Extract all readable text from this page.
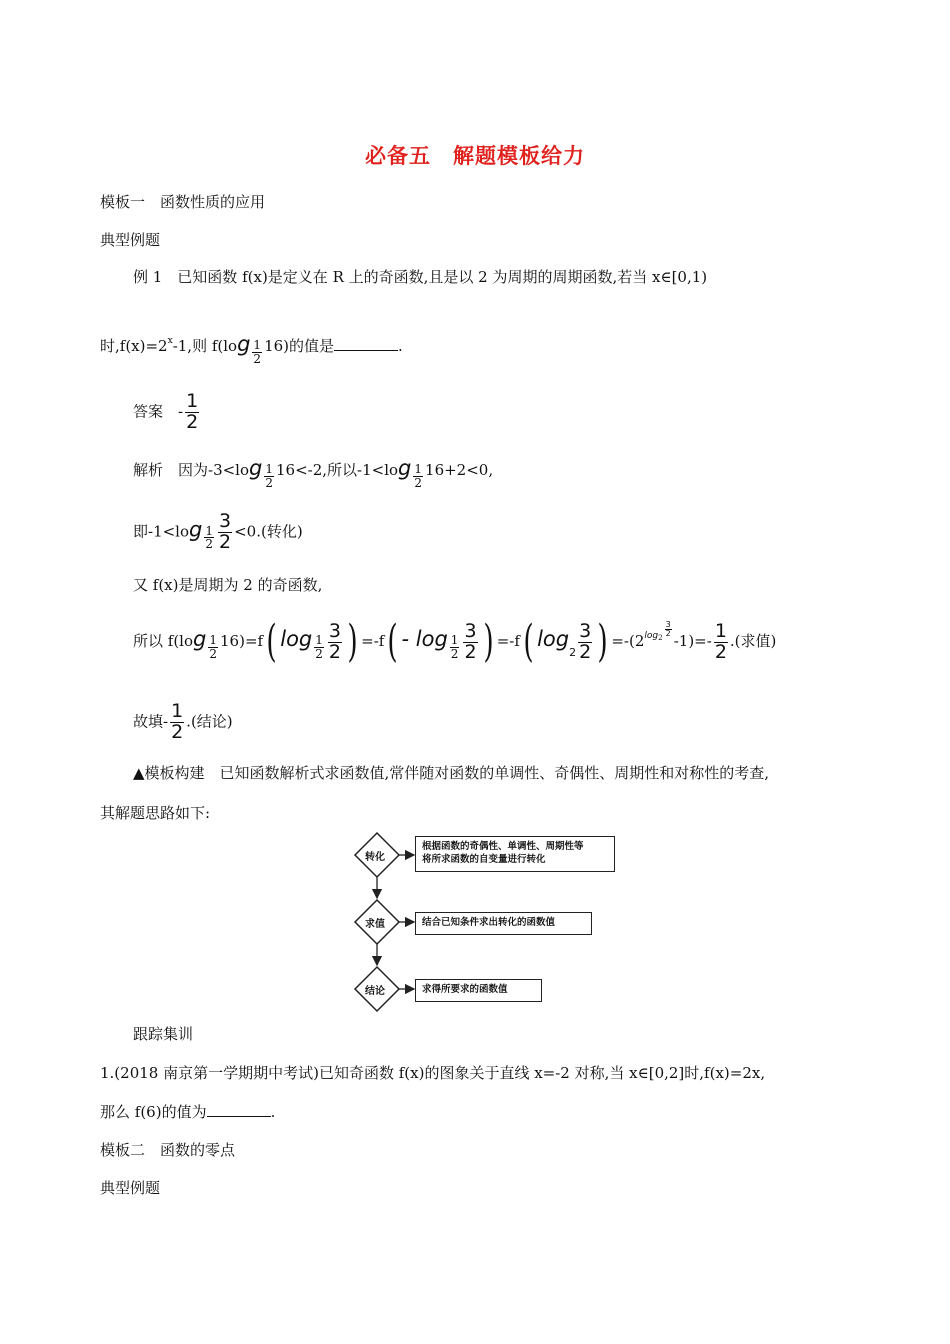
必备五　解题模板给力
模板一　函数性质的应用
典型例题
例 1　已知函数 f(x)是定义在 R 上的奇函数,且是以 2 为周期的周期函数,若当 x∈[0,1)
时$,f(x)=2^x-1$,则 $f(\log \frac{1}{2} 16)$的值是	.
答案　- $\frac{1}{2}$
解析　因为$-3<\log \frac{1}{2} 16<-2$,所以$-1<\log \frac{1}{2} 16+2<0$,
即$-1<\log \frac{1}{2} \frac{3}{2} <0$.(转化)
又 f(x)是周期为 2 的奇函数,
所以 $f(\log \frac{1}{2} 16)=f$( $\log \frac{1}{2} \frac{3}{2}$ ) $=-f( - \log \frac{1}{2} \frac{3}{2}$ ) =-f( $\log_2 \frac{3}{2}$ ) $=-(2^{log2} \frac{3}{2}$
$-1)=- \frac{1}{2}$ .(求值)
故填- $\frac{1}{2}$ .(结论)
▲模板构建　已知函数解析式求函数值,常伴随对函数的单调性、奇偶性、周期性和对称性的考查,
其解题思路如下:
转化
求值
结论
根据函数的奇偶性、单调性、周期性等
将所求函数的自变量进行转化
结合已知条件求出转化的函数值
求得所要求的函数值
跟踪集训
1.(2018 南京第一学期期中考试)已知奇函数 f(x)的图象关于直线 x=-2 对称,当 x∈[0,2]时,f(x)=2x,
那么 f(6)的值为	.
模板二　函数的零点
典型例题
